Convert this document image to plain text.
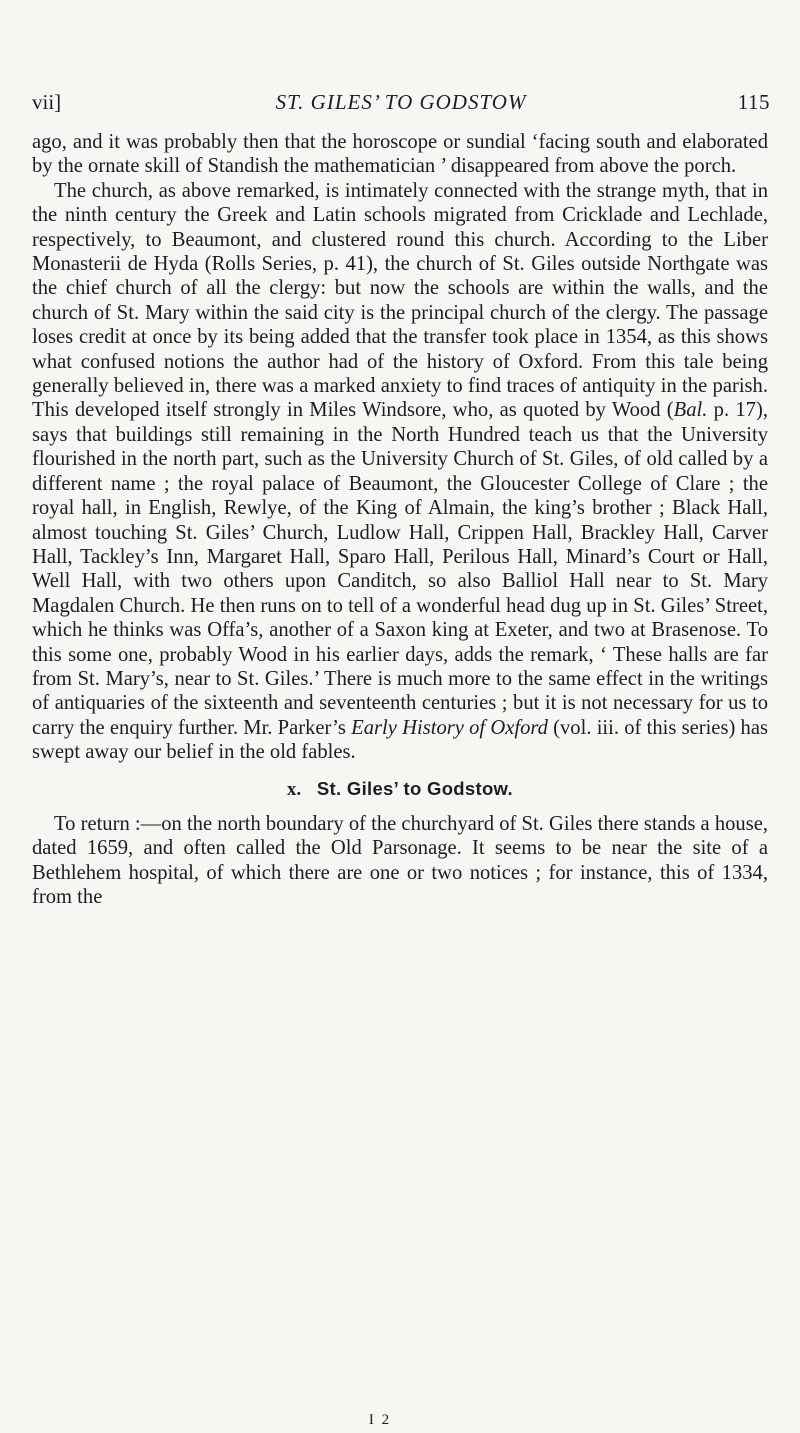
vii]	ST. GILES’ TO GODSTOW	115

ago, and it was probably then that the horoscope or sundial ‘facing south and elaborated by the ornate skill of Standish the mathematician ’ disappeared from above the porch.

The church, as above remarked, is intimately connected with the strange myth, that in the ninth century the Greek and Latin schools migrated from Cricklade and Lechlade, respectively, to Beaumont, and clustered round this church. According to the Liber Monasterii de Hyda (Rolls Series, p. 41), the church of St. Giles outside Northgate was the chief church of all the clergy: but now the schools are within the walls, and the church of St. Mary within the said city is the principal church of the clergy. The passage loses credit at once by its being added that the transfer took place in 1354, as this shows what confused notions the author had of the history of Oxford. From this tale being generally believed in, there was a marked anxiety to find traces of antiquity in the parish. This developed itself strongly in Miles Windsore, who, as quoted by Wood (Bal. p. 17), says that buildings still remaining in the North Hundred teach us that the University flourished in the north part, such as the University Church of St. Giles, of old called by a different name ; the royal palace of Beaumont, the Gloucester College of Clare ; the royal hall, in English, Rewlye, of the King of Almain, the king’s brother ; Black Hall, almost touching St. Giles’ Church, Ludlow Hall, Crippen Hall, Brackley Hall, Carver Hall, Tackley’s Inn, Margaret Hall, Sparo Hall, Perilous Hall, Minard’s Court or Hall, Well Hall, with two others upon Canditch, so also Balliol Hall near to St. Mary Magdalen Church. He then runs on to tell of a wonderful head dug up in St. Giles’ Street, which he thinks was Offa’s, another of a Saxon king at Exeter, and two at Brasenose. To this some one, probably Wood in his earlier days, adds the remark, ‘ These halls are far from St. Mary’s, near to St. Giles.’ There is much more to the same effect in the writings of antiquaries of the sixteenth and seventeenth centuries ; but it is not necessary for us to carry the enquiry further. Mr. Parker’s Early History of Oxford (vol. iii. of this series) has swept away our belief in the old fables.

x. St. Giles’ to Godstow.

To return :—on the north boundary of the churchyard of St. Giles there stands a house, dated 1659, and often called the Old Parsonage. It seems to be near the site of a Bethlehem hospital, of which there are one or two notices ; for instance, this of 1334, from the

I 2
